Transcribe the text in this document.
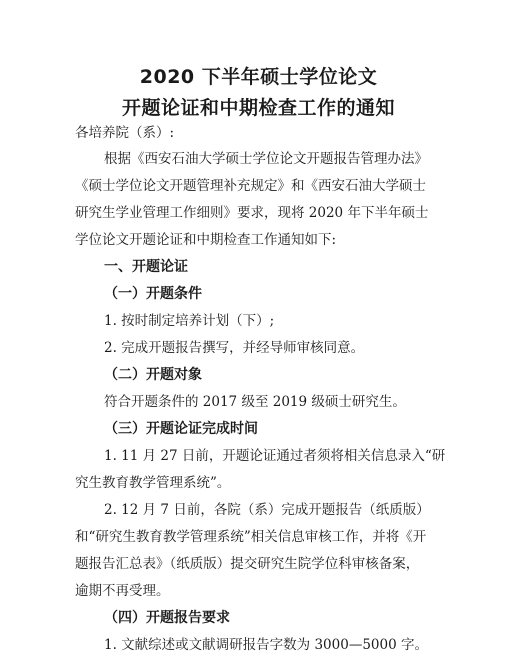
2020 下半年硕士学位论文
开题论证和中期检查工作的通知
各培养院（系）:
根据《西安石油大学硕士学位论文开题报告管理办法》
《硕士学位论文开题管理补充规定》和《西安石油大学硕士
研究生学业管理工作细则》要求，现将 2020 年下半年硕士
学位论文开题论证和中期检查工作通知如下:
一、开题论证
（一）开题条件
1. 按时制定培养计划（下）;
2. 完成开题报告撰写，并经导师审核同意。
（二）开题对象
符合开题条件的 2017 级至 2019 级硕士研究生。
（三）开题论证完成时间
1. 11 月 27 日前，开题论证通过者须将相关信息录入“研
究生教育教学管理系统”。
2. 12 月 7 日前，各院（系）完成开题报告（纸质版）
和“研究生教育教学管理系统”相关信息审核工作，并将《开
题报告汇总表》（纸质版）提交研究生院学位科审核备案，
逾期不再受理。
（四）开题报告要求
1. 文献综述或文献调研报告字数为 3000—5000 字。
